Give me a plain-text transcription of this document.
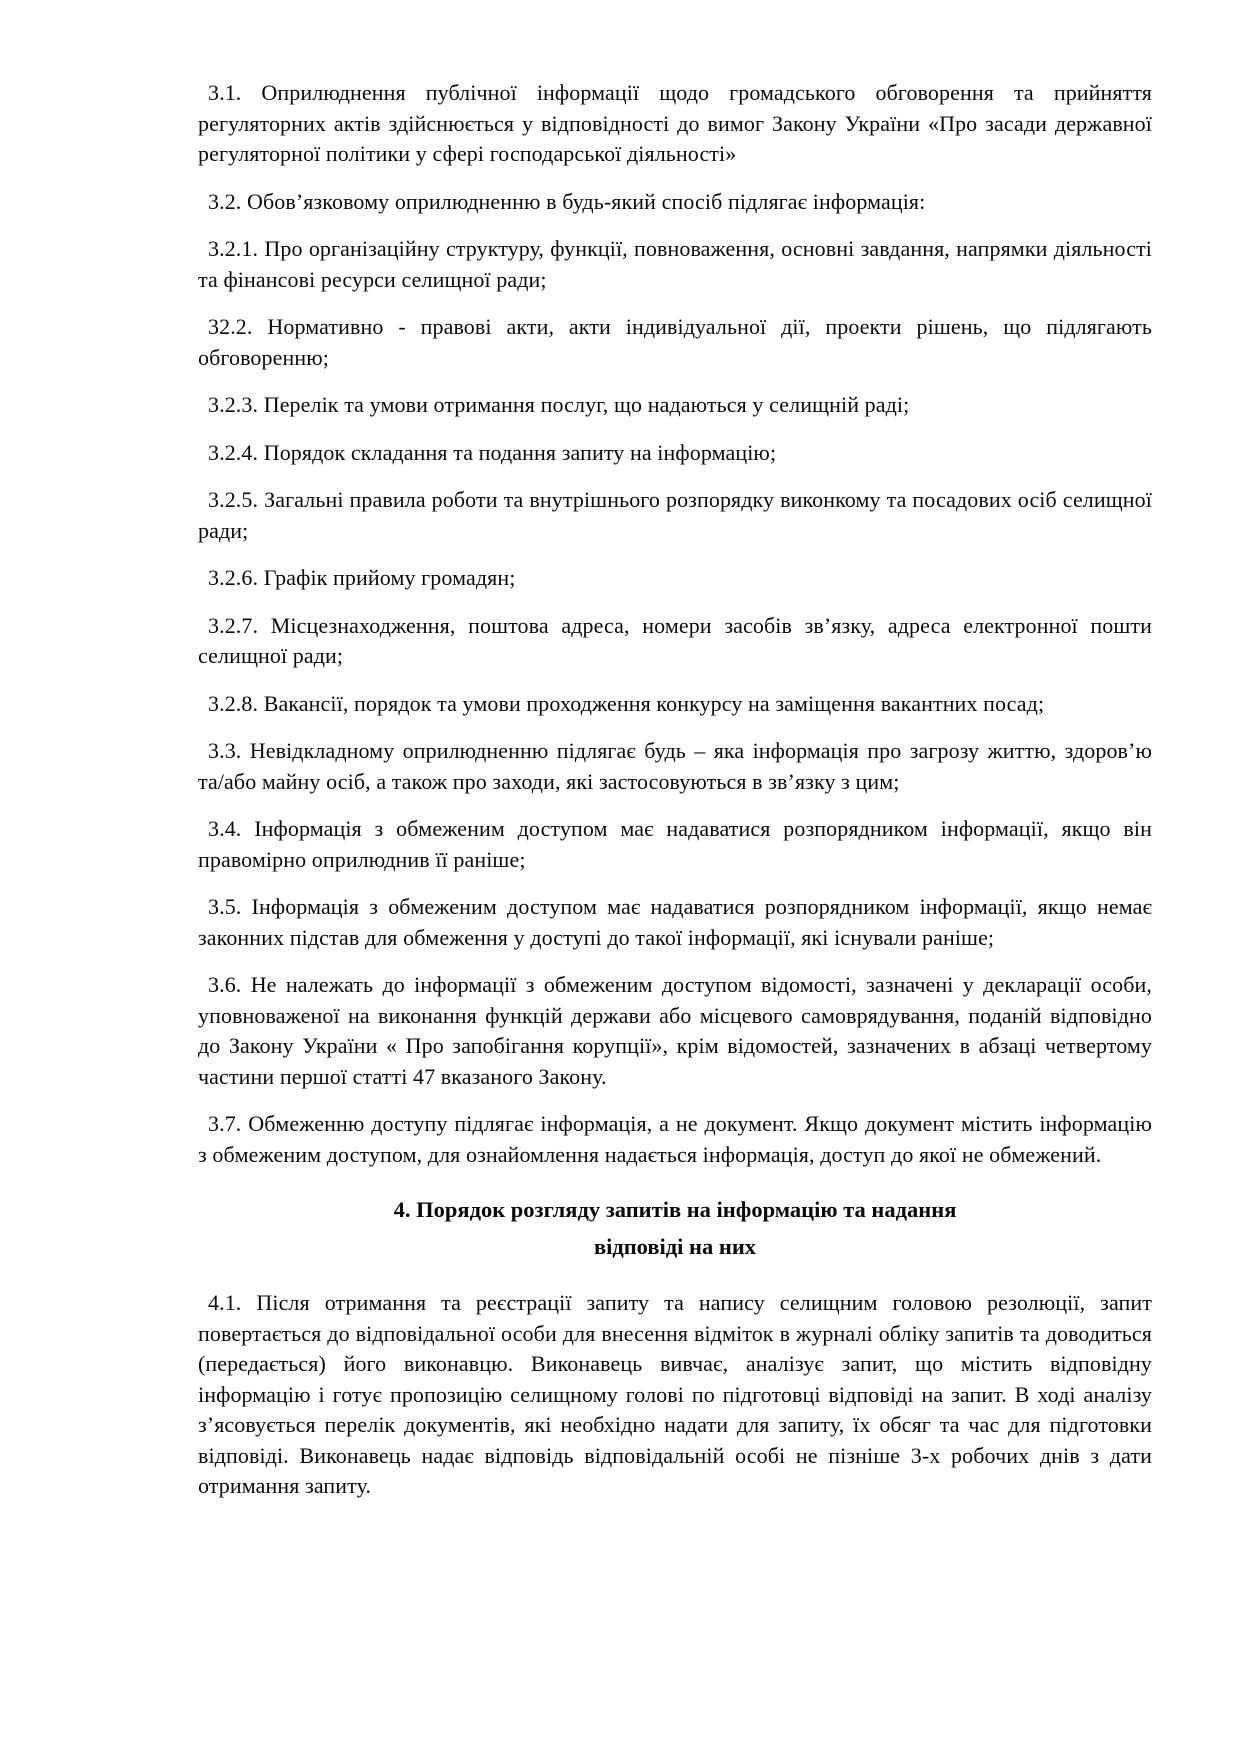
3.1. Оприлюднення публічної інформації щодо громадського обговорення та прийняття регуляторних актів здійснюється у відповідності до вимог Закону України «Про засади державної регуляторної політики у сфері господарської діяльності»

3.2. Обов’язковому оприлюдненню в будь-який спосіб підлягає інформація:

3.2.1. Про організаційну структуру, функції, повноваження, основні завдання, напрямки діяльності та фінансові ресурси селищної ради;

32.2. Нормативно - правові акти, акти індивідуальної дії, проекти рішень, що підлягають обговоренню;

3.2.3. Перелік та умови отримання послуг, що надаються у селищній раді;

3.2.4. Порядок складання та подання запиту на інформацію;

3.2.5. Загальні правила роботи та внутрішнього розпорядку виконкому та посадових осіб селищної ради;

3.2.6. Графік прийому громадян;

3.2.7. Місцезнаходження, поштова адреса, номери засобів зв’язку, адреса електронної пошти селищної ради;

3.2.8. Вакансії, порядок та умови проходження конкурсу на заміщення вакантних посад;

3.3. Невідкладному оприлюдненню підлягає будь – яка інформація про загрозу життю, здоров’ю та/або майну осіб, а також про заходи, які застосовуються в зв’язку з цим;

3.4. Інформація з обмеженим доступом має надаватися розпорядником інформації, якщо він правомірно оприлюднив її раніше;

3.5. Інформація з обмеженим доступом має надаватися розпорядником інформації, якщо немає законних підстав для обмеження у доступі до такої інформації, які існували раніше;

3.6. Не належать до інформації з обмеженим доступом відомості, зазначені у декларації особи, уповноваженої на виконання функцій держави або місцевого самоврядування, поданій відповідно до Закону України « Про запобігання корупції», крім відомостей, зазначених в абзаці четвертому частини першої статті 47 вказаного Закону.

3.7. Обмеженню доступу підлягає інформація, а не документ. Якщо документ містить інформацію з обмеженим доступом, для ознайомлення надається інформація, доступ до якої не обмежений.

4. Порядок розгляду запитів на інформацію та надання
відповіді на них

4.1. Після отримання та реєстрації запиту та напису селищним головою резолюції, запит повертається до відповідальної особи для внесення відміток в журналі обліку запитів та доводиться (передається) його виконавцю. Виконавець вивчає, аналізує запит, що містить відповідну інформацію і готує пропозицію селищному голові по підготовці відповіді на запит. В ході аналізу з’ясовується перелік документів, які необхідно надати для запиту, їх обсяг та час для підготовки відповіді. Виконавець надає відповідь відповідальній особі не пізніше 3-х робочих днів з дати отримання запиту.
